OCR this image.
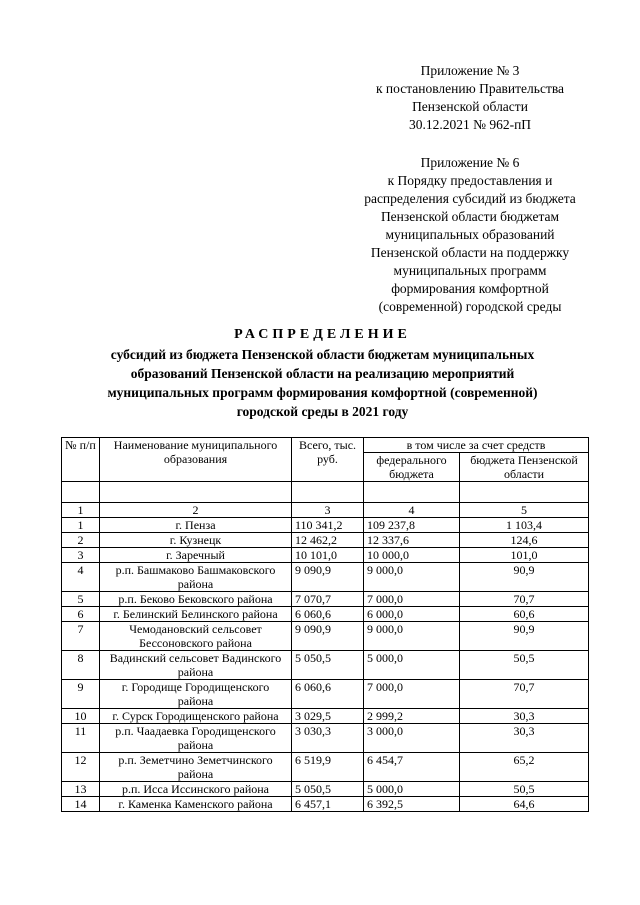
Приложение № 3
к постановлению Правительства
Пензенской области
30.12.2021 № 962-пП
Приложение № 6
к Порядку предоставления и
распределения субсидий из бюджета
Пензенской области бюджетам
муниципальных образований
Пензенской области на поддержку
муниципальных программ
формирования комфортной
(современной) городской среды
РАСПРЕДЕЛЕНИЕ
субсидий из бюджета Пензенской области бюджетам муниципальных
образований Пензенской области на реализацию мероприятий
муниципальных программ формирования комфортной (современной)
городской среды в 2021 году
№ п/п	Наименование муниципального образования	Всего, тыс. руб.	в том числе за счет средств	
			федерального бюджета	бюджета Пензенской области

1	2	3	4	5
1	г. Пенза	110 341,2	109 237,8	1 103,4
2	г. Кузнецк	12 462,2	12 337,6	124,6
3	г. Заречный	10 101,0	10 000,0	101,0
4	р.п. Башмаково Башмаковского района	9 090,9	9 000,0	90,9
5	р.п. Беково Бековского района	7 070,7	7 000,0	70,7
6	г. Белинский Белинского района	6 060,6	6 000,0	60,6
7	Чемодановский сельсовет Бессоновского района	9 090,9	9 000,0	90,9
8	Вадинский сельсовет Вадинского района	5 050,5	5 000,0	50,5
9	г. Городище Городищенского района	6 060,6	7 000,0	70,7
10	г. Сурск Городищенского района	3 029,5	2 999,2	30,3
11	р.п. Чаадаевка Городищенского района	3 030,3	3 000,0	30,3
12	р.п. Земетчино Земетчинского района	6 519,9	6 454,7	65,2
13	р.п. Исса Иссинского района	5 050,5	5 000,0	50,5
14	г. Каменка Каменского района	6 457,1	6 392,5	64,6
